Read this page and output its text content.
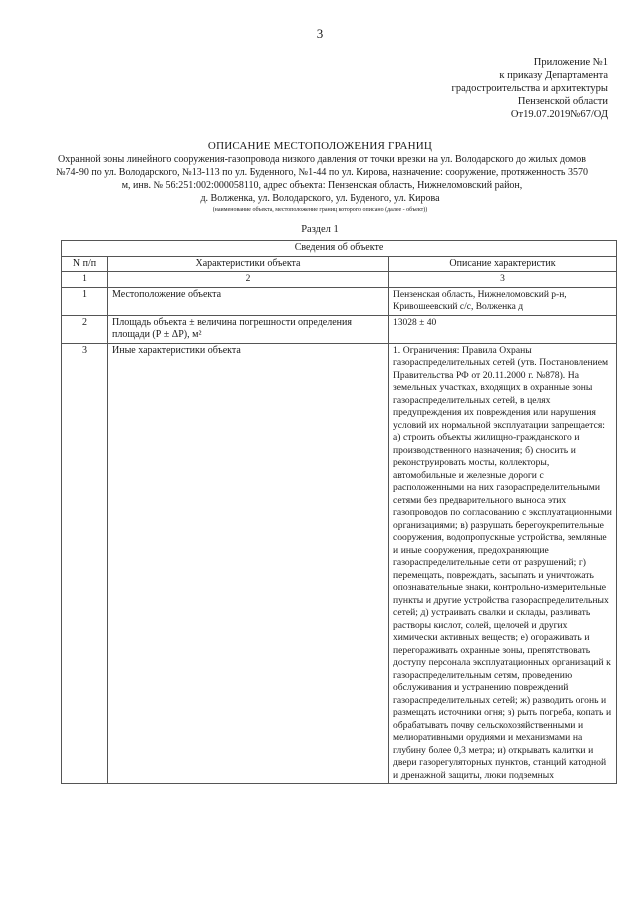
3
Приложение №1
к приказу Департамента
градостроительства и архитектуры
Пензенской области
От19.07.2019№67/ОД
ОПИСАНИЕ МЕСТОПОЛОЖЕНИЯ ГРАНИЦ
Охранной зоны линейного сооружения-газопровода низкого давления от точки врезки на ул. Володарского до жилых домов №74-90 по ул. Володарского, №13-113 по ул. Буденного, №1-44 по ул. Кирова, назначение: сооружение, протяженность 3570 м, инв. № 56:251:002:000058110, адрес объекта: Пензенская область, Нижнеломовский район,
д. Волженка, ул. Володарского, ул. Буденого, ул. Кирова
(наименование объекта, местоположение границ которого описано (далее - объект))
Раздел 1
Сведения об объекте		
N п/п	Характеристики объекта	Описание характеристик
1	2	3
1	Местоположение объекта	Пензенская область, Нижнеломовский р-н, Кривошеевский с/с, Волженка д
2	Площадь объекта ± величина погрешности определения площади (Р ± ΔР), м²	13028 ± 40
3	Иные характеристики объекта	1. Ограничения: Правила Охраны газораспределительных сетей (утв. Постановлением Правительства РФ от 20.11.2000 г. №878). На земельных участках, входящих в охранные зоны газораспределительных сетей, в целях предупреждения их повреждения или нарушения условий их нормальной эксплуатации запрещается: а) строить объекты жилищно-гражданского и производственного назначения; б) сносить и реконструировать мосты, коллекторы, автомобильные и железные дороги с расположенными на них газораспределительными сетями без предварительного выноса этих газопроводов по согласованию с эксплуатационными организациями; в) разрушать берегоукрепительные сооружения, водопропускные устройства, земляные и иные сооружения, предохраняющие газораспределительные сети от разрушений; г) перемещать, повреждать, засыпать и уничтожать опознавательные знаки, контрольно-измерительные пункты и другие устройства газораспределительных сетей; д) устраивать свалки и склады, разливать растворы кислот, солей, щелочей и других химически активных веществ; е) огораживать и перегораживать охранные зоны, препятствовать доступу персонала эксплуатационных организаций к газораспределительным сетям, проведению обслуживания и устранению повреждений газораспределительных сетей; ж) разводить огонь и размещать источники огня; з) рыть погреба, копать и обрабатывать почву сельскохозяйственными и мелиоративными орудиями и механизмами на глубину более 0,3 метра; и) открывать калитки и двери газорегуляторных пунктов, станций катодной и дренажной защиты, люки подземных
